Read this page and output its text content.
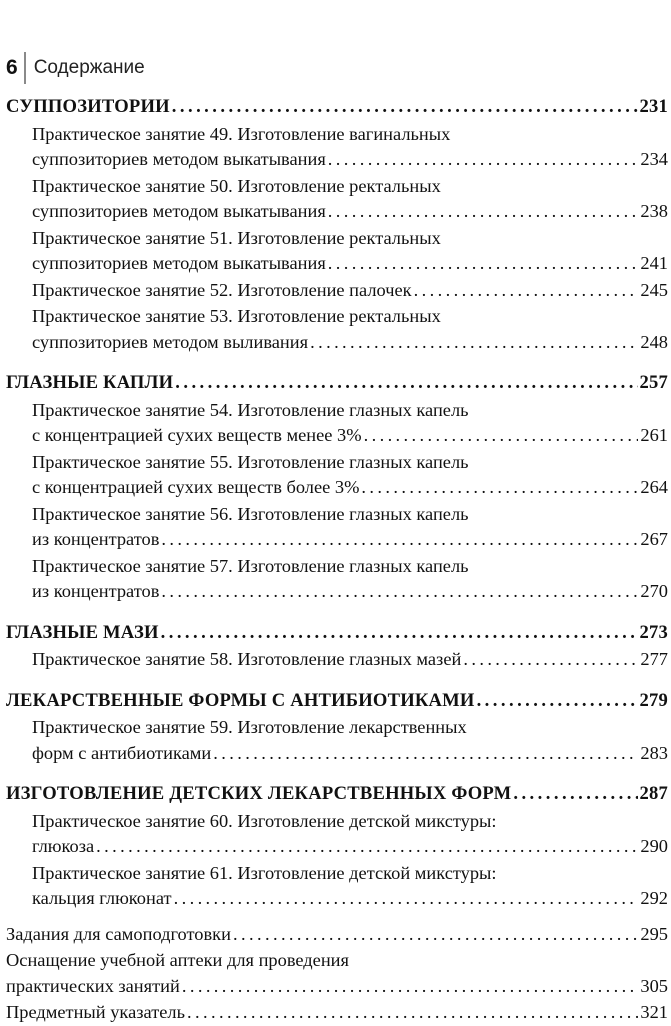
6 Содержание
СУППОЗИТОРИИ . . .	231
Практическое занятие 49. Изготовление вагинальных
суппозиториев методом выкатывания . . .	234
Практическое занятие 50. Изготовление ректальных
суппозиториев методом выкатывания . . .	238
Практическое занятие 51. Изготовление ректальных
суппозиториев методом выкатывания . . .	241
Практическое занятие 52. Изготовление палочек . . .	245
Практическое занятие 53. Изготовление ректальных
суппозиториев методом выливания . . .	248
ГЛАЗНЫЕ КАПЛИ . . .	257
Практическое занятие 54. Изготовление глазных капель
с концентрацией сухих веществ менее 3% . . .	261
Практическое занятие 55. Изготовление глазных капель
с концентрацией сухих веществ более 3% . . .	264
Практическое занятие 56. Изготовление глазных капель
из концентратов . . .	267
Практическое занятие 57. Изготовление глазных капель
из концентратов . . .	270
ГЛАЗНЫЕ МАЗИ . . .	273
Практическое занятие 58. Изготовление глазных мазей . . .	277
ЛЕКАРСТВЕННЫЕ ФОРМЫ С АНТИБИОТИКАМИ . . .	279
Практическое занятие 59. Изготовление лекарственных
форм с антибиотиками . . .	283
ИЗГОТОВЛЕНИЕ ДЕТСКИХ ЛЕКАРСТВЕННЫХ ФОРМ . . .	287
Практическое занятие 60. Изготовление детской микстуры:
глюкоза . . .	290
Практическое занятие 61. Изготовление детской микстуры:
кальция глюконат . . .	292
Задания для самоподготовки . . .	295
Оснащение учебной аптеки для проведения
практических занятий . . .	305
Предметный указатель . . .	321
